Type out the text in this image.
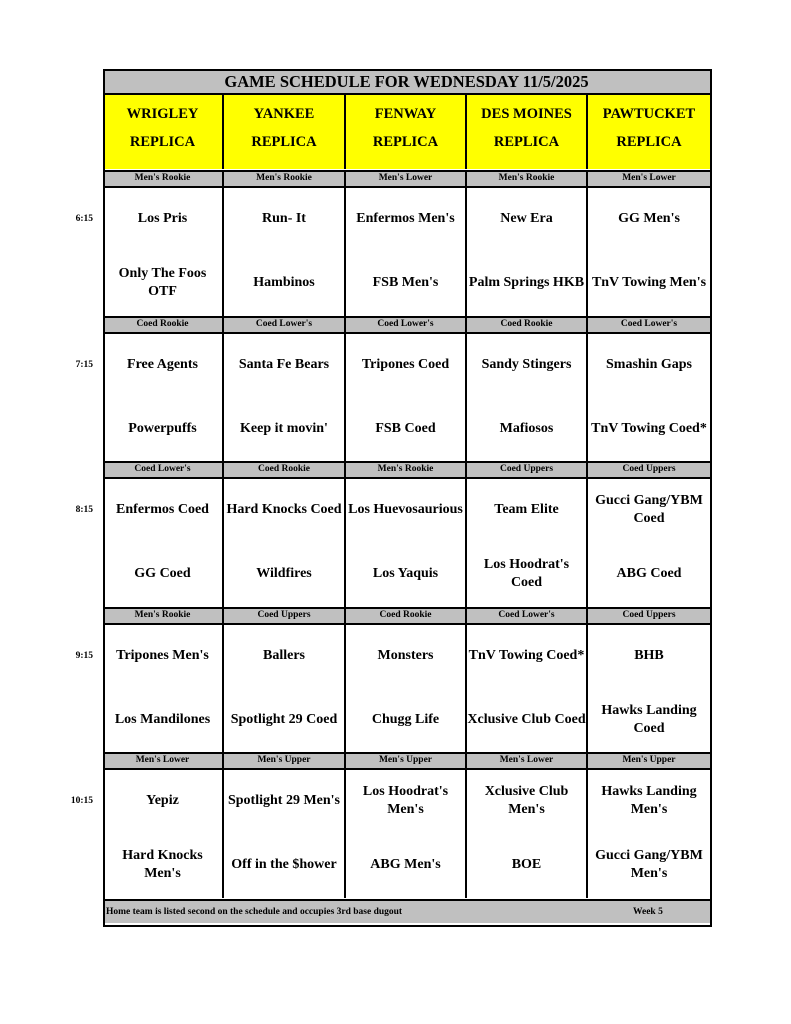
GAME SCHEDULE FOR WEDNESDAY 11/5/2025
WRIGLEY
REPLICA
YANKEE
REPLICA
FENWAY
REPLICA
DES MOINES
REPLICA
PAWTUCKET
REPLICA
Men's Rookie
Los Pris
Only The Foos OTF
Men's Rookie
Run- It
Hambinos
Men's Lower
Enfermos Men's
FSB Men's
Men's Rookie
New Era
Palm Springs HKB
Men's Lower
GG Men's
TnV Towing Men's
Coed Rookie
Free Agents
Powerpuffs
Coed Lower's
Santa Fe Bears
Keep it movin'
Coed Lower's
Tripones Coed
FSB Coed
Coed Rookie
Sandy Stingers
Mafiosos
Coed Lower's
Smashin Gaps
TnV Towing Coed*
Coed Lower's
Enfermos Coed
GG Coed
Coed Rookie
Hard Knocks Coed
Wildfires
Men's Rookie
Los Huevosaurious
Los Yaquis
Coed Uppers
Team Elite
Los Hoodrat's Coed
Coed Uppers
Gucci Gang/YBM Coed
ABG Coed
Men's Rookie
Tripones Men's
Los Mandilones
Coed Uppers
Ballers
Spotlight 29 Coed
Coed Rookie
Monsters
Chugg Life
Coed Lower's
TnV Towing Coed*
Xclusive Club Coed
Coed Uppers
BHB
Hawks Landing Coed
Men's Lower
Yepiz
Hard Knocks Men's
Men's Upper
Spotlight 29 Men's
Off in the $hower
Men's Upper
Los Hoodrat's Men's
ABG Men's
Men's Lower
Xclusive Club Men's
BOE
Men's Upper
Hawks Landing Men's
Gucci Gang/YBM Men's
Home team is listed second on the schedule and occupies 3rd base dugout	Week 5
6:15
7:15
8:15
9:15
10:15
